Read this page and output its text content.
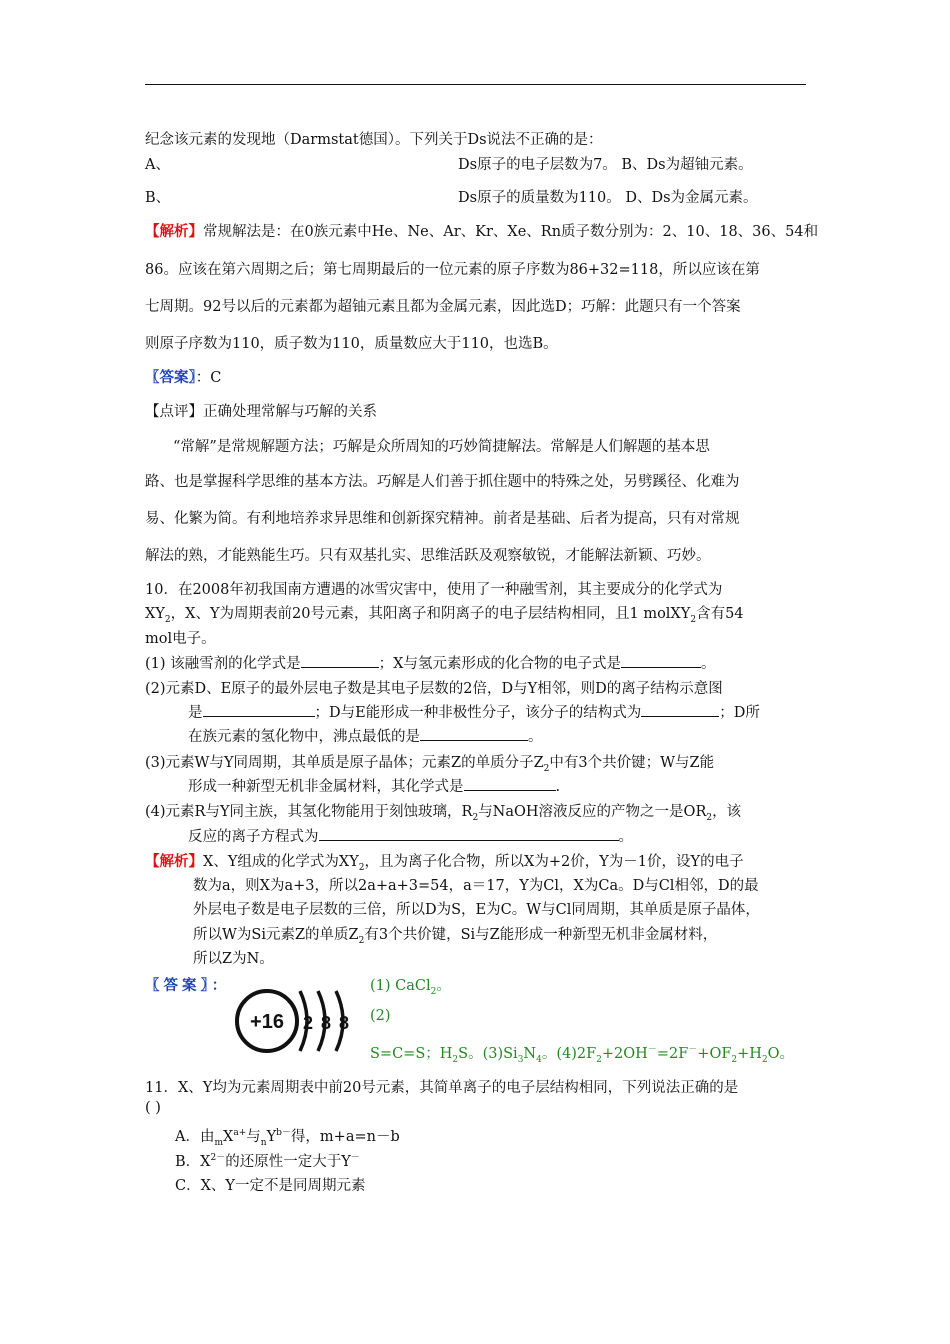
纪念该元素的发现地（Darmstat德国）。下列关于Ds说法不正确的是：
A、	Ds原子的电子层数为7。 B、Ds为超铀元素。
B、	Ds原子的质量数为110。 D、Ds为金属元素。
【解析】常规解法是：在0族元素中He、Ne、Ar、Kr、Xe、Rn质子数分别为：2、10、18、36、54和
86。应该在第六周期之后；第七周期最后的一位元素的原子序数为86+32=118，所以应该在第
七周期。92号以后的元素都为超铀元素且都为金属元素，因此选D；巧解：此题只有一个答案
则原子序数为110，质子数为110，质量数应大于110，也选B。
〖答案〗：C
【点评】正确处理常解与巧解的关系
“常解”是常规解题方法；巧解是众所周知的巧妙简捷解法。常解是人们解题的基本思
路、也是掌握科学思维的基本方法。巧解是人们善于抓住题中的特殊之处，另劈蹊径、化难为
易、化繁为简。有利地培养求异思维和创新探究精神。前者是基础、后者为提高，只有对常规
解法的熟，才能熟能生巧。只有双基扎实、思维活跃及观察敏锐，才能解法新颖、巧妙。
10．在2008年初我国南方遭遇的冰雪灾害中，使用了一种融雪剂，其主要成分的化学式为
$XY_2$，X、Y为周期表前20号元素，其阳离子和阴离子的电子层结构相同，且1 molXY$_2$含有54
mol电子。
(1) 该融雪剂的化学式是	；X与氢元素形成的化合物的电子式是	。
(2)元素D、E原子的最外层电子数是其电子层数的2倍，D与Y相邻，则D的离子结构示意图
是	；D与E能形成一种非极性分子，该分子的结构式为	；D所
在族元素的氢化物中，沸点最低的是	。
(3)元素W与Y同周期，其单质是原子晶体；元素Z的单质分子$Z_2$中有3个共价键；W与Z能
形成一种新型无机非金属材料，其化学式是	.
(4)元素R与Y同主族，其氢化物能用于刻蚀玻璃，$R_2$与NaOH溶液反应的产物之一是$OR_2$，该
反应的离子方程式为	。
【解析】X、Y组成的化学式为$XY_2$，且为离子化合物，所以X为+2价，Y为－1价，设Y的电子
数为a，则X为a+3，所以2a+a+3=54，a＝17，Y为Cl，X为Ca。D与Cl相邻，D的最
外层电子数是电子层数的三倍，所以D为S，E为C。W与Cl同周期，其单质是原子晶体，
所以W为Si元素Z的单质$Z_2$有3个共价键，Si与Z能形成一种新型无机非金属材料，
所以Z为N。
〖答案〗：
+16 2 8 8
(1) CaCl$_2$。
(2)
S=C=S；$H_2S$。$(3)Si_3N_4$。$(4)2F_2+2OH^-=2F^-+OF_2+H_2O$。
11．X、Y均为元素周期表中前20号元素，其简单离子的电子层结构相同，下列说法正确的是
( )
A．由$_mX^{a+}$与$_nY^{b-}$得，m+a=n－b
B．$X^{2-}$的还原性一定大于Y－
C．X、Y一定不是同周期元素
